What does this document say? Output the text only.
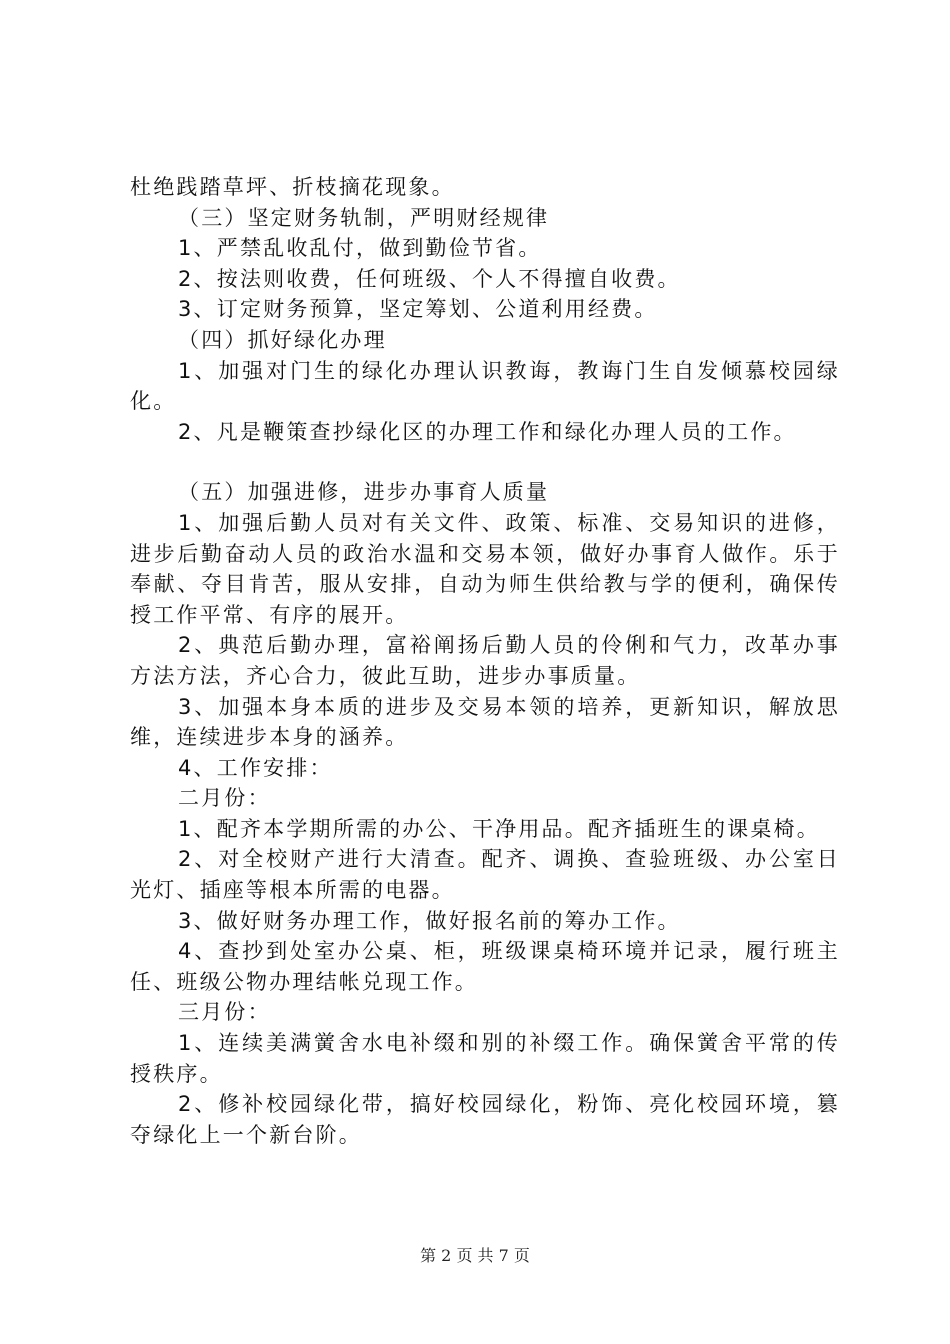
杜绝践踏草坪、折枝摘花现象。

（三）坚定财务轨制，严明财经规律

1、严禁乱收乱付，做到勤俭节省。

2、按法则收费，任何班级、个人不得擅自收费。

3、订定财务预算，坚定筹划、公道利用经费。

（四）抓好绿化办理

1、加强对门生的绿化办理认识教诲，教诲门生自发倾慕校园绿化。

2、凡是鞭策查抄绿化区的办理工作和绿化办理人员的工作。

（五）加强进修，进步办事育人质量

1、加强后勤人员对有关文件、政策、标准、交易知识的进修，进步后勤奋动人员的政治水温和交易本领，做好办事育人做作。乐于奉献、夺目肯苦，服从安排，自动为师生供给教与学的便利，确保传授工作平常、有序的展开。

2、典范后勤办理，富裕阐扬后勤人员的伶俐和气力，改革办事方法方法，齐心合力，彼此互助，进步办事质量。

3、加强本身本质的进步及交易本领的培养，更新知识，解放思维，连续进步本身的涵养。

4、工作安排：

二月份：

1、配齐本学期所需的办公、干净用品。配齐插班生的课桌椅。

2、对全校财产进行大清查。配齐、调换、查验班级、办公室日光灯、插座等根本所需的电器。

3、做好财务办理工作，做好报名前的筹办工作。

4、查抄到处室办公桌、柜，班级课桌椅环境并记录，履行班主任、班级公物办理结帐兑现工作。

三月份：

1、连续美满黉舍水电补缀和别的补缀工作。确保黉舍平常的传授秩序。

2、修补校园绿化带，搞好校园绿化，粉饰、亮化校园环境，篡夺绿化上一个新台阶。

第 2 页 共 7 页
